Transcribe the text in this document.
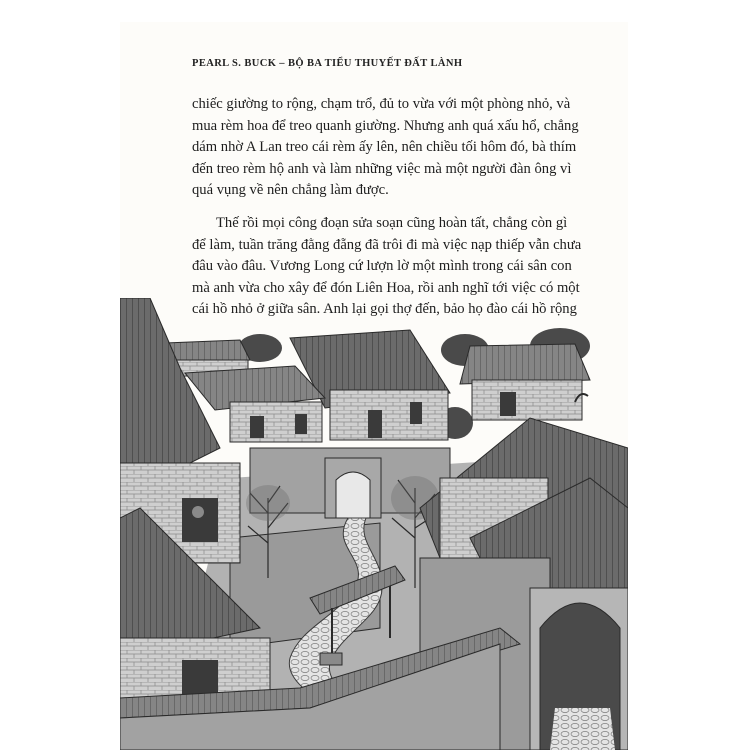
PEARL S. BUCK – BỘ BA TIỂU THUYẾT ĐẤT LÀNH

chiếc giường to rộng, chạm trổ, đủ to vừa với một phòng nhỏ, và
mua rèm hoa để treo quanh giường. Nhưng anh quá xấu hổ, chẳng
dám nhờ A Lan treo cái rèm ấy lên, nên chiều tối hôm đó, bà thím
đến treo rèm hộ anh và làm những việc mà một người đàn ông vì
quá vụng về nên chẳng làm được.
Thế rồi mọi công đoạn sửa soạn cũng hoàn tất, chẳng còn gì
để làm, tuần trăng đằng đẵng đã trôi đi mà việc nạp thiếp vẫn chưa
đâu vào đâu. Vương Long cứ lượn lờ một mình trong cái sân con
mà anh vừa cho xây để đón Liên Hoa, rồi anh nghĩ tới việc có một
cái hồ nhỏ ở giữa sân. Anh lại gọi thợ đến, bảo họ đào cái hồ rộng
